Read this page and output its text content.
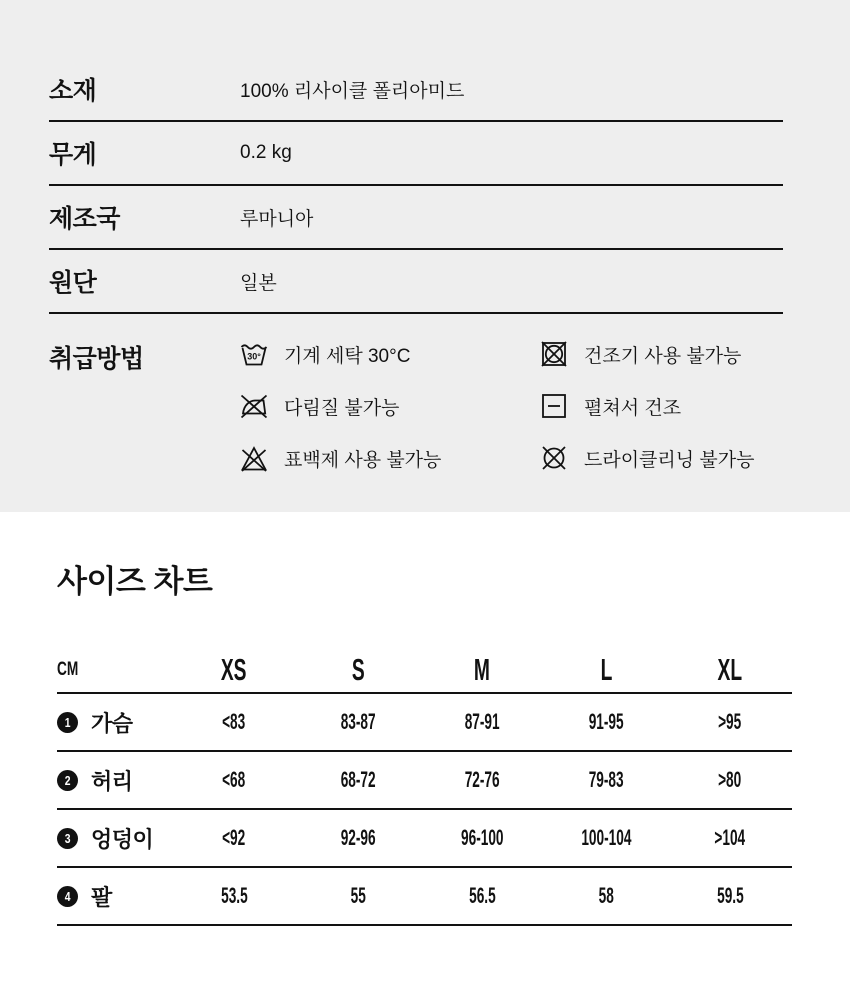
소재	100% 리사이클 폴리아미드
무게	0.2 kg
제조국	루마니아
원단	일본
취급방법	30° 기계 세탁 30°C	건조기 사용 불가능
다림질 불가능	펼쳐서 건조
표백제 사용 불가능	드라이클리닝 불가능
사이즈 차트
CM	XS	S	M	L	XL
1 가슴	<83	83-87	87-91	91-95	>95
2 허리	<68	68-72	72-76	79-83	>80
3 엉덩이	<92	92-96	96-100	100-104	>104
4 팔	53.5	55	56.5	58	59.5
